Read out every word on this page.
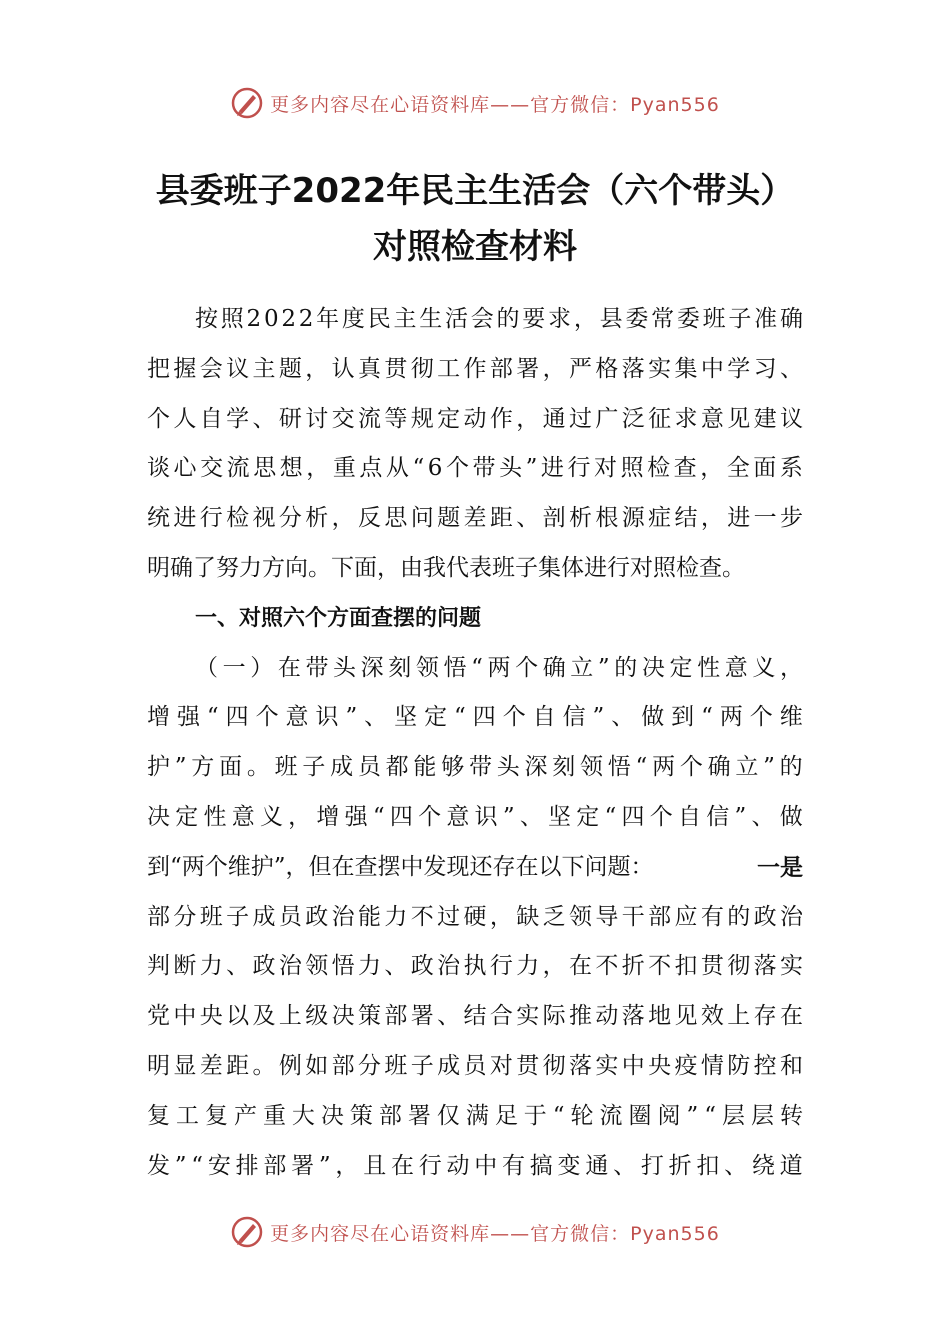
更多内容尽在心语资料库——官方微信：Pyan556
县委班子2022年民主生活会（六个带头）
对照检查材料
按 照 2 0 2 2 年 度 民 主 生 活 会 的 要 求 ， 县 委 常 委 班 子 准 确
把 握 会 议 主 题 ， 认 真 贯 彻 工 作 部 署 ， 严 格 落 实 集 中 学 习 、
个 人 自 学 、 研 讨 交 流 等 规 定 动 作 ， 通 过 广 泛 征 求 意 见 建 议
谈 心 交 流 思 想 ， 重 点 从 “ 6 个 带 头 ” 进 行 对 照 检 查 ， 全 面 系
统 进 行 检 视 分 析 ， 反 思 问 题 差 距 、 剖 析 根 源 症 结 ， 进 一 步
明确了努力方向。下面，由我代表班子集体进行对照检查。
一、对照六个方面查摆的问题
（ 一 ） 在 带 头 深 刻 领 悟 “ 两 个 确 立 ” 的 决 定 性 意 义 ，
增 强 “ 四 个 意 识 ” 、 坚 定 “ 四 个 自 信 ” 、 做 到 “ 两 个 维
护 ” 方 面 。 班 子 成 员 都 能 够 带 头 深 刻 领 悟 “ 两 个 确 立 ” 的
决 定 性 意 义 ， 增 强 “ 四 个 意 识 ” 、 坚 定 “ 四 个 自 信 ” 、 做
到“两个维护”，但在查摆中发现还存在以下问题：	一是
部 分 班 子 成 员 政 治 能 力 不 过 硬 ， 缺 乏 领 导 干 部 应 有 的 政 治
判 断 力 、 政 治 领 悟 力 、 政 治 执 行 力 ， 在 不 折 不 扣 贯 彻 落 实
党 中 央 以 及 上 级 决 策 部 署 、 结 合 实 际 推 动 落 地 见 效 上 存 在
明 显 差 距 。 例 如 部 分 班 子 成 员 对 贯 彻 落 实 中 央 疫 情 防 控 和
复 工 复 产 重 大 决 策 部 署 仅 满 足 于 “ 轮 流 圈 阅 ” “ 层 层 转
发 ” “ 安 排 部 署 ” ， 且 在 行 动 中 有 搞 变 通 、 打 折 扣 、 绕 道
更多内容尽在心语资料库——官方微信：Pyan556
